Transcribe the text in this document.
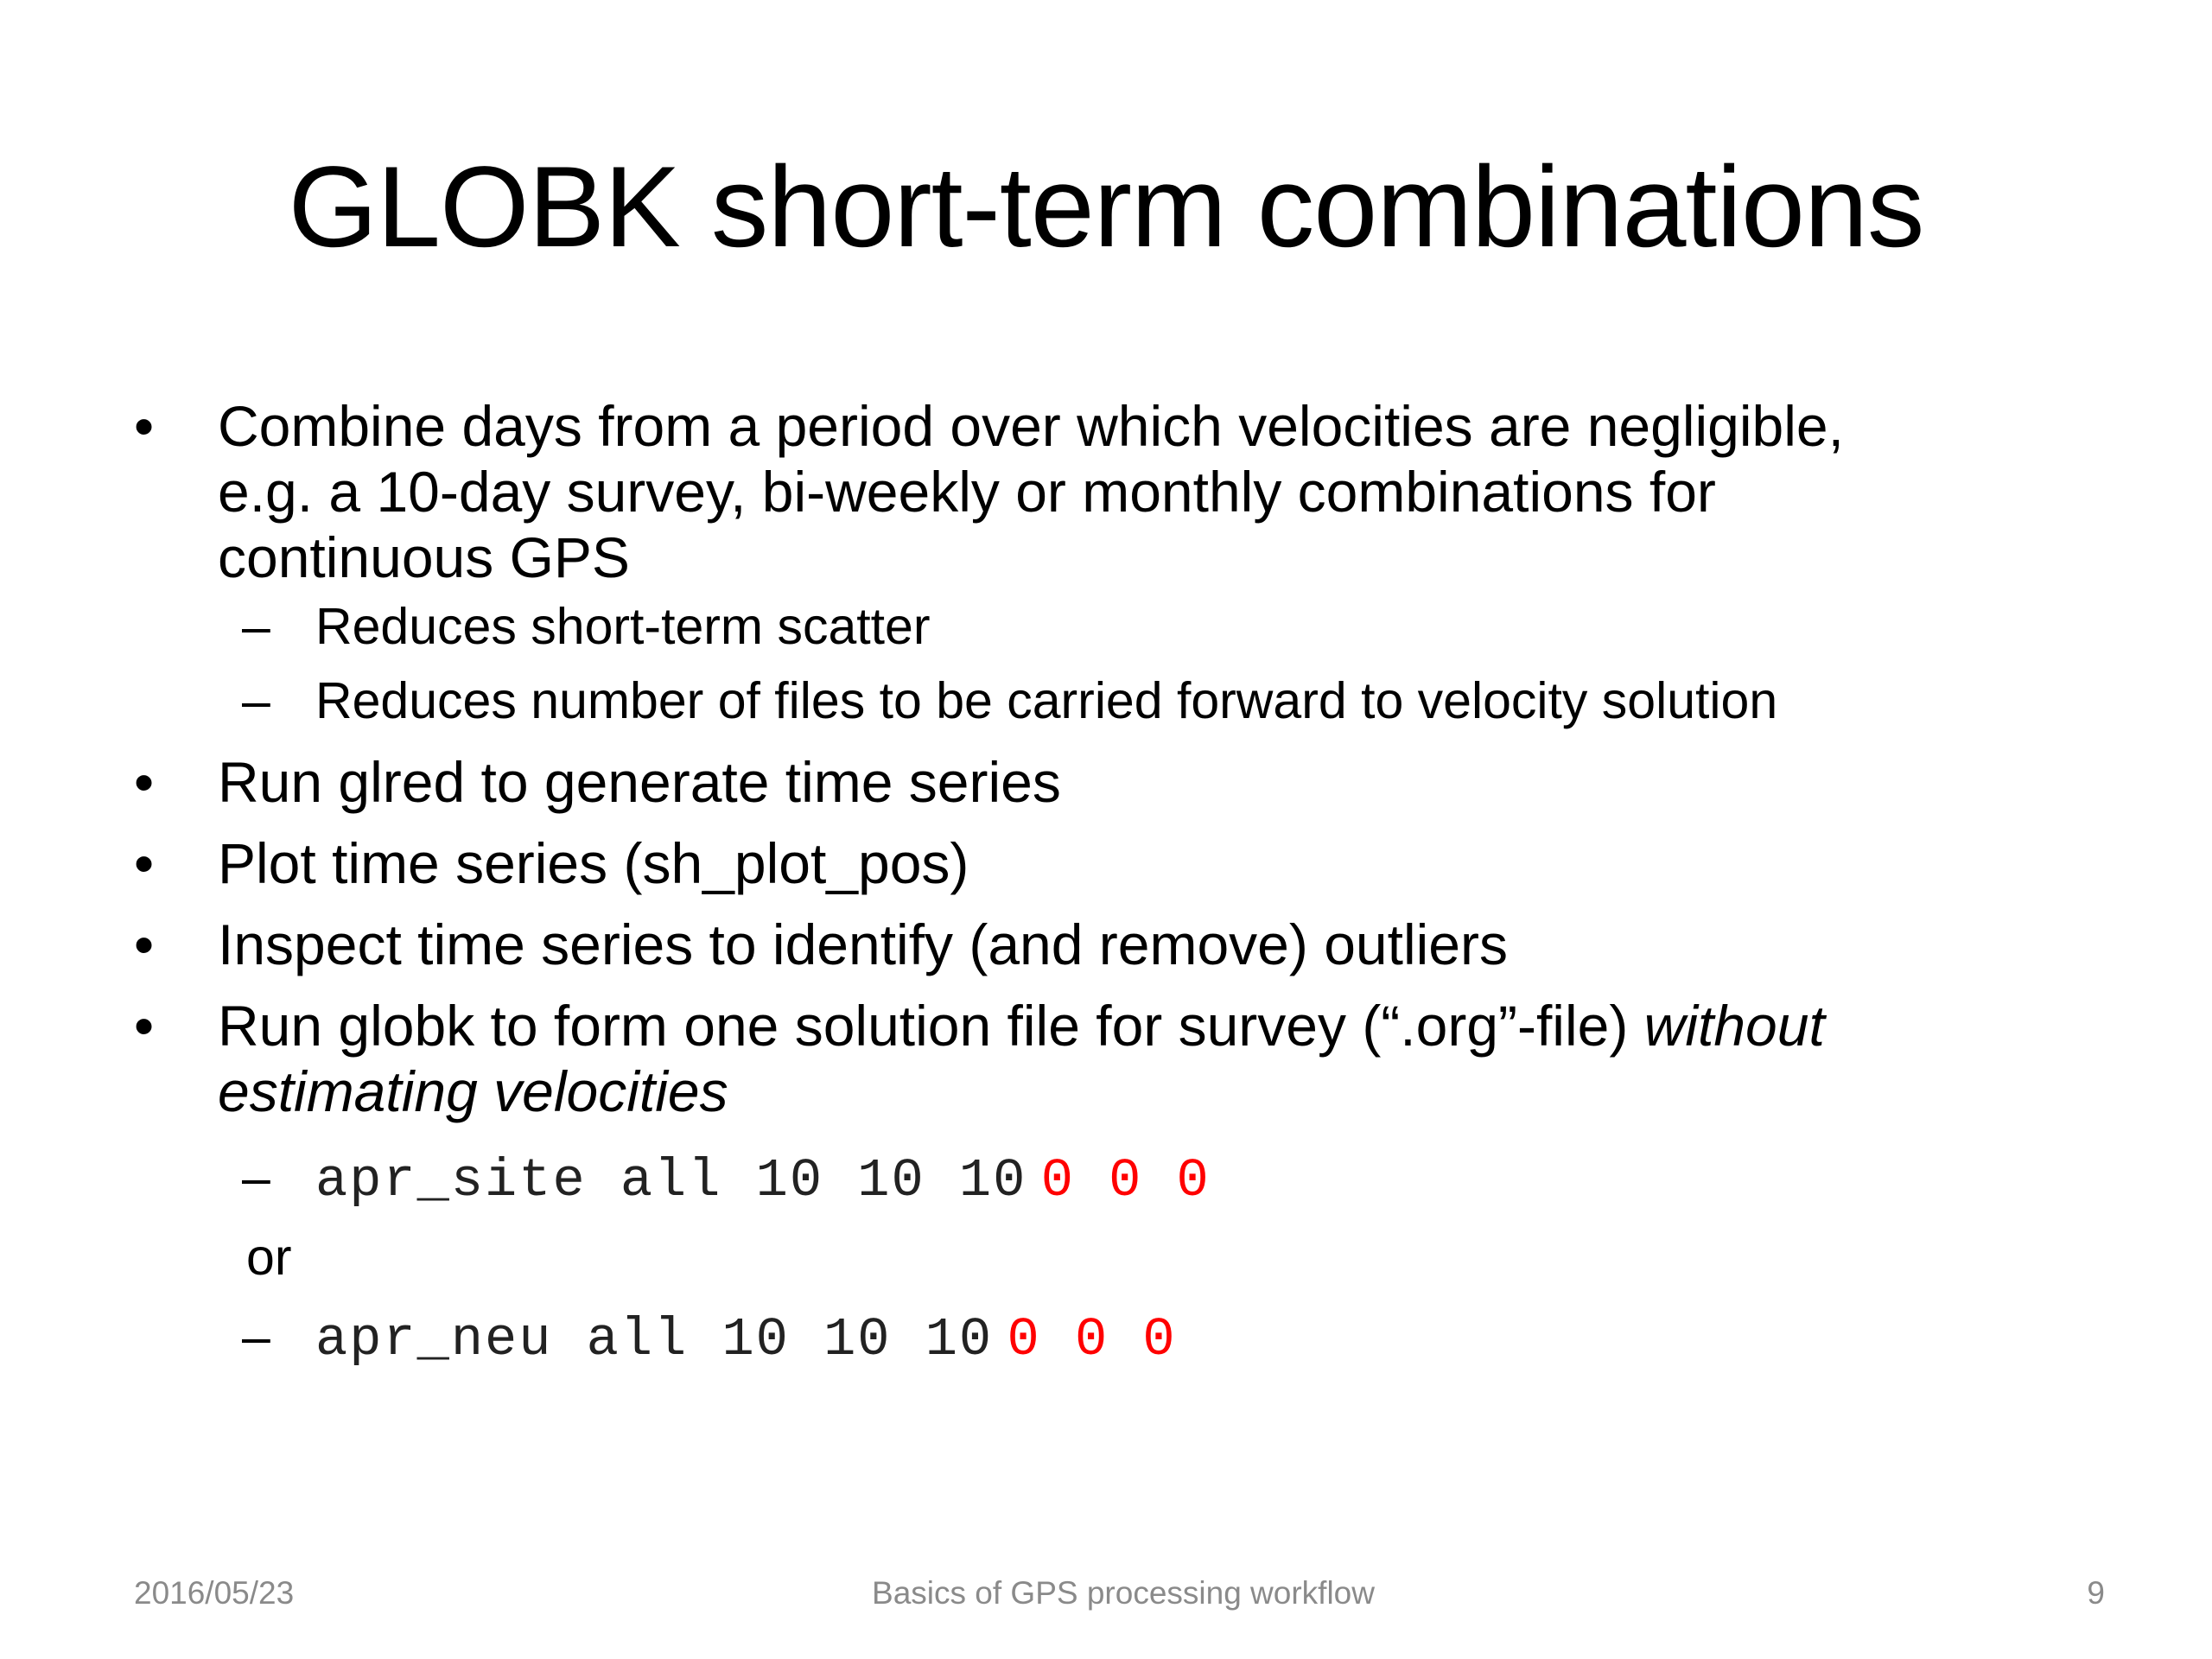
GLOBK short-term combinations
• Combine days from a period over which velocities are negligible,
e.g. a 10-day survey, bi-weekly or monthly combinations for
continuous GPS
– Reduces short-term scatter
– Reduces number of files to be carried forward to velocity solution
• Run glred to generate time series
• Plot time series (sh_plot_pos)
• Inspect time series to identify (and remove) outliers
• Run globk to form one solution file for survey (“.org”-file) without
estimating velocities
– apr_site all 10 10 10 0 0 0
or
– apr_neu all 10 10 10 0 0 0
2016/05/23	Basics of GPS processing workflow	9
